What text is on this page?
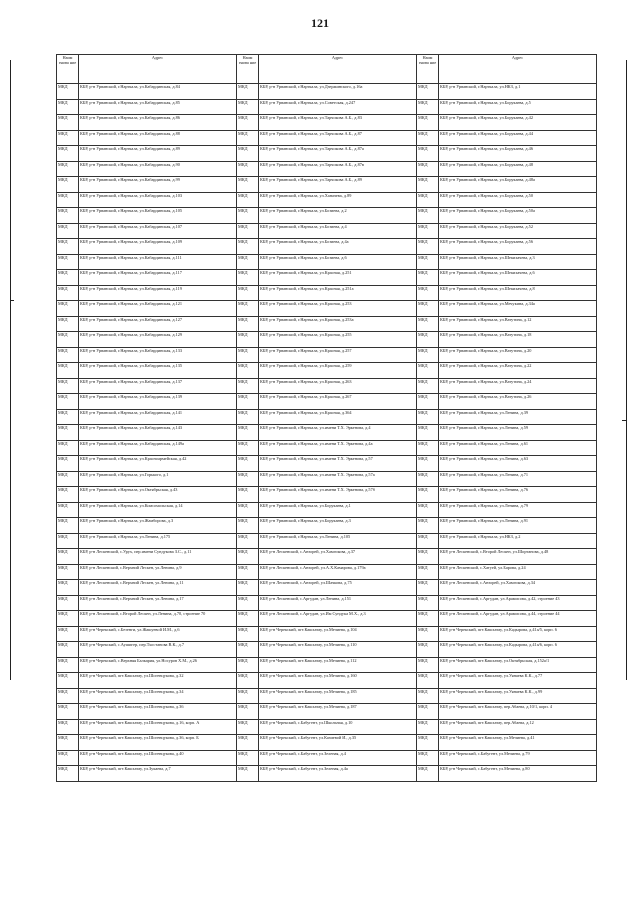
121
Наим енова ние	Адрес	Наим енова ние	Адрес	Наим енова ние	Адрес
МКД	КБР, р-н Урванский, г.Нарткала, ул.Кабардинская, д.84	МКД	КБР, р-н Урванский, г.Нарткала, ул.Дзержинского, д.16а	МКД	КБР, р-н Урванский, г.Нарткала, ул.НКЗ, д.1
МКД	КБР, р-н Урванский, г.Нарткала, ул.Кабардинская, д.85	МКД	КБР, р-н Урванский, г.Нарткала, ул.Советская, д.247	МКД	КБР, р-н Урванский, г.Нарткала, ул.Борукаева, д.5
МКД	КБР, р-н Урванский, г.Нарткала, ул.Кабардинская, д.86	МКД	КБР, р-н Урванский, г.Нарткала, ул.Тарчокова А.Б., д.83	МКД	КБР, р-н Урванский, г.Нарткала, ул.Борукаева, д.42
МКД	КБР, р-н Урванский, г.Нарткала, ул.Кабардинская, д.88	МКД	КБР, р-н Урванский, г.Нарткала, ул.Тарчокова А.Б., д.87	МКД	КБР, р-н Урванский, г.Нарткала, ул.Борукаева, д.44
МКД	КБР, р-н Урванский, г.Нарткала, ул.Кабардинская, д.89	МКД	КБР, р-н Урванский, г.Нарткала, ул.Тарчокова А.Б., д.87а	МКД	КБР, р-н Урванский, г.Нарткала, ул.Борукаева, д.46
МКД	КБР, р-н Урванский, г.Нарткала, ул.Кабардинская, д.90	МКД	КБР, р-н Урванский, г.Нарткала, ул.Тарчокова А.Б., д.87в	МКД	КБР, р-н Урванский, г.Нарткала, ул.Борукаева, д.48
МКД	КБР, р-н Урванский, г.Нарткала, ул.Кабардинская, д.99	МКД	КБР, р-н Урванский, г.Нарткала, ул.Тарчокова А.Б., д.89	МКД	КБР, р-н Урванский, г.Нарткала, ул.Борукаева, д.48а
МКД	КБР, р-н Урванский, г.Нарткала, ул.Кабардинская, д.103	МКД	КБР, р-н Урванский, г.Нарткала, ул.Ханачева, д.89	МКД	КБР, р-н Урванский, г.Нарткала, ул.Борукаева, д.50
МКД	КБР, р-н Урванский, г.Нарткала, ул.Кабардинская, д.105	МКД	КБР, р-н Урванский, г.Нарткала, ул.Бозиева, д.2	МКД	КБР, р-н Урванский, г.Нарткала, ул.Борукаева, д.50а
МКД	КБР, р-н Урванский, г.Нарткала, ул.Кабардинская, д.107	МКД	КБР, р-н Урванский, г.Нарткала, ул.Бозиева, д.4	МКД	КБР, р-н Урванский, г.Нарткала, ул.Борукаева, д.52
МКД	КБР, р-н Урванский, г.Нарткала, ул.Кабардинская, д.109	МКД	КБР, р-н Урванский, г.Нарткала, ул.Бозиева, д.4а	МКД	КБР, р-н Урванский, г.Нарткала, ул.Борукаева, д.56
МКД	КБР, р-н Урванский, г.Нарткала, ул.Кабардинская, д.111	МКД	КБР, р-н Урванский, г.Нарткала, ул.Бозиева, д.6	МКД	КБР, р-н Урванский, г.Нарткала, ул.Шекихачева, д.3
МКД	КБР, р-н Урванский, г.Нарткала, ул.Кабардинская, д.117	МКД	КБР, р-н Урванский, г.Нарткала, ул.Красная, д.251	МКД	КБР, р-н Урванский, г.Нарткала, ул.Шекихачева, д.6
МКД	КБР, р-н Урванский, г.Нарткала, ул.Кабардинская, д.119	МКД	КБР, р-н Урванский, г.Нарткала, ул.Красная, д.251а	МКД	КБР, р-н Урванский, г.Нарткала, ул.Шекихачева, д.8
МКД	КБР, р-н Урванский, г.Нарткала, ул.Кабардинская, д.121	МКД	КБР, р-н Урванский, г.Нарткала, ул.Красная, д.253	МКД	КБР, р-н Урванский, г.Нарткала, ул.Мечукина, д.34а
МКД	КБР, р-н Урванский, г.Нарткала, ул.Кабардинская, д.127	МКД	КБР, р-н Урванский, г.Нарткала, ул.Красная, д.253а	МКД	КБР, р-н Урванский, г.Нарткала, ул.Ватутина, д.12
МКД	КБР, р-н Урванский, г.Нарткала, ул.Кабардинская, д.129	МКД	КБР, р-н Урванский, г.Нарткала, ул.Красная, д.255	МКД	КБР, р-н Урванский, г.Нарткала, ул.Ватутина, д.18
МКД	КБР, р-н Урванский, г.Нарткала, ул.Кабардинская, д.133	МКД	КБР, р-н Урванский, г.Нарткала, ул.Красная, д.257	МКД	КБР, р-н Урванский, г.Нарткала, ул.Ватутина, д.20
МКД	КБР, р-н Урванский, г.Нарткала, ул.Кабардинская, д.135	МКД	КБР, р-н Урванский, г.Нарткала, ул.Красная, д.259	МКД	КБР, р-н Урванский, г.Нарткала, ул.Ватутина, д.22
МКД	КБР, р-н Урванский, г.Нарткала, ул.Кабардинская, д.137	МКД	КБР, р-н Урванский, г.Нарткала, ул.Красная, д.263	МКД	КБР, р-н Урванский, г.Нарткала, ул.Ватутина, д.24
МКД	КБР, р-н Урванский, г.Нарткала, ул.Кабардинская, д.139	МКД	КБР, р-н Урванский, г.Нарткала, ул.Красная, д.267	МКД	КБР, р-н Урванский, г.Нарткала, ул.Ватутина, д.26
МКД	КБР, р-н Урванский, г.Нарткала, ул.Кабардинская, д.141	МКД	КБР, р-н Урванский, г.Нарткала, ул.Красная, д.364	МКД	КБР, р-н Урванский, г.Нарткала, ул.Ленина, д.39
МКД	КБР, р-н Урванский, г.Нарткала, ул.Кабардинская, д.143	МКД	КБР, р-н Урванский, г.Нарткала, ул.имени Т.Х. Эркенова, д.4	МКД	КБР, р-н Урванский, г.Нарткала, ул.Ленина, д.59
МКД	КБР, р-н Урванский, г.Нарткала, ул.Кабардинская, д.149а	МКД	КБР, р-н Урванский, г.Нарткала, ул.имени Т.Х. Эркенова, д.4а	МКД	КБР, р-н Урванский, г.Нарткала, ул.Ленина, д.61
МКД	КБР, р-н Урванский, г.Нарткала, ул.Красноармейская, д.42	МКД	КБР, р-н Урванский, г.Нарткала, ул.имени Т.Х. Эркенова, д.57	МКД	КБР, р-н Урванский, г.Нарткала, ул.Ленина, д.63
МКД	КБР, р-н Урванский, г.Нарткала, ул.Горького, д.1	МКД	КБР, р-н Урванский, г.Нарткала, ул.имени Т.Х. Эркенова, д.57а	МКД	КБР, р-н Урванский, г.Нарткала, ул.Ленина, д.71
МКД	КБР, р-н Урванский, г.Нарткала, ул.Октябрьская, д.43	МКД	КБР, р-н Урванский, г.Нарткала, ул.имени Т.Х. Эркенова, д.57б	МКД	КБР, р-н Урванский, г.Нарткала, ул.Ленина, д.76
МКД	КБР, р-н Урванский, г.Нарткала, ул.Комсомольская, д.14	МКД	КБР, р-н Урванский, г.Нарткала, ул.Борукаева, д.1	МКД	КБР, р-н Урванский, г.Нарткала, ул.Ленина, д.79
МКД	КБР, р-н Урванский, г.Нарткала, ул.Жамборова, д.3	МКД	КБР, р-н Урванский, г.Нарткала, ул.Борукаева, д.3	МКД	КБР, р-н Урванский, г.Нарткала, ул.Ленина, д.91
МКД	КБР, р-н Урванский, г.Нарткала, ул.Ленина, д.175	МКД	КБР, р-н Урванский, г.Нарткала, ул.Ленина, д.105	МКД	КБР, р-н Урванский, г.Нарткала, ул.НКЗ, д.2
МКД	КБР, р-н Лескенский, с.Урух, пер.имени Сундукова З.С., д.11	МКД	КБР, р-н Лескенский, с.Анзорей, ул.Хамгокова, д.37	МКД	КБР, р-н Лескенский, с.Второй Лескен, ул.Шортанова, д.48
МКД	КБР, р-н Лескенский, с.Верхний Лескен, ул.Ленина, д.9	МКД	КБР, р-н Лескенский, с.Анзорей, ул.А.Х.Камарова, д.179а	МКД	КБР, р-н Лескенский, с.Хатуей, ул.Барова, д.24
МКД	КБР, р-н Лескенский, с.Верхний Лескен, ул.Ленина, д.11	МКД	КБР, р-н Лескенский, с.Анзорей, ул.Шачкова, д.75	МКД	КБР, р-н Лескенский, с.Анзорей, ул.Хамгокова, д.34
МКД	КБР, р-н Лескенский, с.Верхний Лескен, ул.Ленина, д.17	МКД	КБР, р-н Лескенский, с.Аргудан, ул.Ленина, д.151	МКД	КБР, р-н Лескенский, с.Аргудан, ул.Арамисова, д.42, строение 43
МКД	КБР, р-н Лескенский, с.Второй Лескен, ул.Ленина, д.70, строение 70	МКД	КБР, р-н Лескенский, с.Аргудан, ул.Им Сундука М.Х., д.3	МКД	КБР, р-н Лескенский, с.Аргудан, ул.Арамисова, д.44, строение 44
МКД	КБР, р-н Черекский, с.Безенги, ул.Жашуевой И.М., д.6	МКД	КБР, р-н Черекский, пгт.Кашхатау, ул.Мечиева, д.104	МКД	КБР, р-н Черекский, пгт.Кашхатау, ул.Кадырова, д.41а/5, корп. 6
МКД	КБР, р-н Черекский, с.Аушигер, пер.Тхостанова В.К., д.7	МКД	КБР, р-н Черекский, пгт.Кашхатау, ул.Мечиева, д.110	МКД	КБР, р-н Черекский, пгт.Кашхатау, ул.Кадырова, д.41а/6, корп. 6
МКД	КБР, р-н Черекский, с.Верхняя Балкария, ул.Носуров Х.М., д.26	МКД	КБР, р-н Черекский, пгт.Кашхатау, ул.Мечиева, д.112	МКД	КБР, р-н Черекский, пгт.Кашхатау, ул.Октябрьская, д.152а/1
МКД	КБР, р-н Черекский, пгт.Кашхатау, ул.Шогенцукова, д.32	МКД	КБР, р-н Черекский, пгт.Кашхатау, ул.Мечиева, д.160	МКД	КБР, р-н Черекский, пгт.Кашхатау, ул.Уянаева К.К., д.77
МКД	КБР, р-н Черекский, пгт.Кашхатау, ул.Шогенцукова, д.34	МКД	КБР, р-н Черекский, пгт.Кашхатау, ул.Мечиева, д.185	МКД	КБР, р-н Черекский, пгт.Кашхатау, ул.Уянаева К.К., д.99
МКД	КБР, р-н Черекский, пгт.Кашхатау, ул.Шогенцукова, д.36	МКД	КБР, р-н Черекский, пгт.Кашхатау, ул.Мечиева, д.187	МКД	КБР, р-н Черекский, пгт.Кашхатау, пер.Абаева, д.10/1, корп. 4
МКД	КБР, р-н Черекский, пгт.Кашхатау, ул.Шогенцукова, д.16, корп. А	МКД	КБР, р-н Черекский, с.Бабугент, ул.Школьная, д.10	МКД	КБР, р-н Черекский, пгт.Кашхатау, пер.Абаева, д.12
МКД	КБР, р-н Черекский, пгт.Кашхатау, ул.Шогенцукова, д.36, корп. Б	МКД	КБР, р-н Черекский, с.Бабугент, ул.Казиевой И., д.35	МКД	КБР, р-н Черекский, пгт.Кашхатау, ул.Мечиева, д.41
МКД	КБР, р-н Черекский, пгт.Кашхатау, ул.Шогенцукова, д.40	МКД	КБР, р-н Черекский, с.Бабугент, ул.Зеленая, д.4	МКД	КБР, р-н Черекский, с.Бабугент, ул.Мечиева, д.79
МКД	КБР, р-н Черекский, пгт.Кашхатау, ул.Зукаева, д.7	МКД	КБР, р-н Черекский, с.Бабугент, ул.Зеленая, д.4а	МКД	КБР, р-н Черекский, с.Бабугент, ул.Мечиева, д.80
